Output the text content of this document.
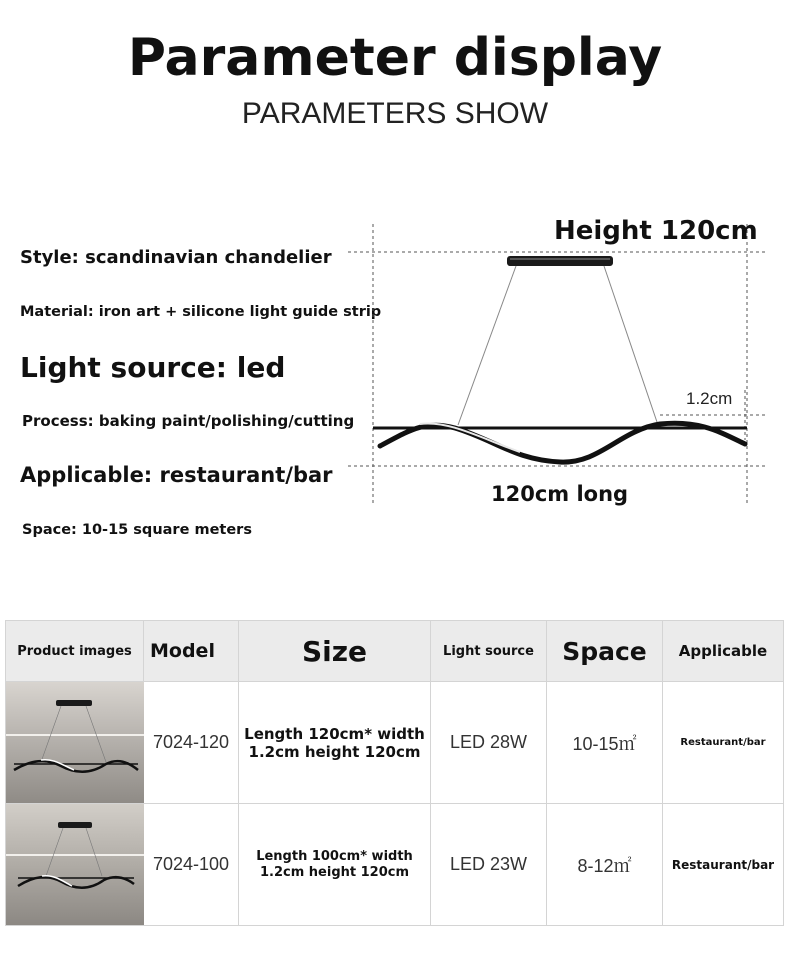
Parameter display
PARAMETERS SHOW
Style: scandinavian chandelier
Material: iron art + silicone light guide strip
Light source: led
Process: baking paint/polishing/cutting
Applicable: restaurant/bar
Space: 10-15 square meters
Height 120cm
1.2cm
120cm long
Product images	Model	Size	Light source	Space	Applicable

	7024-120	Length 120cm* width
1.2cm height 120cm	LED 28W	10-15㎡	Restaurant/bar

	7024-100	Length 100cm* width
1.2cm height 120cm	LED 23W	8-12㎡	Restaurant/bar
